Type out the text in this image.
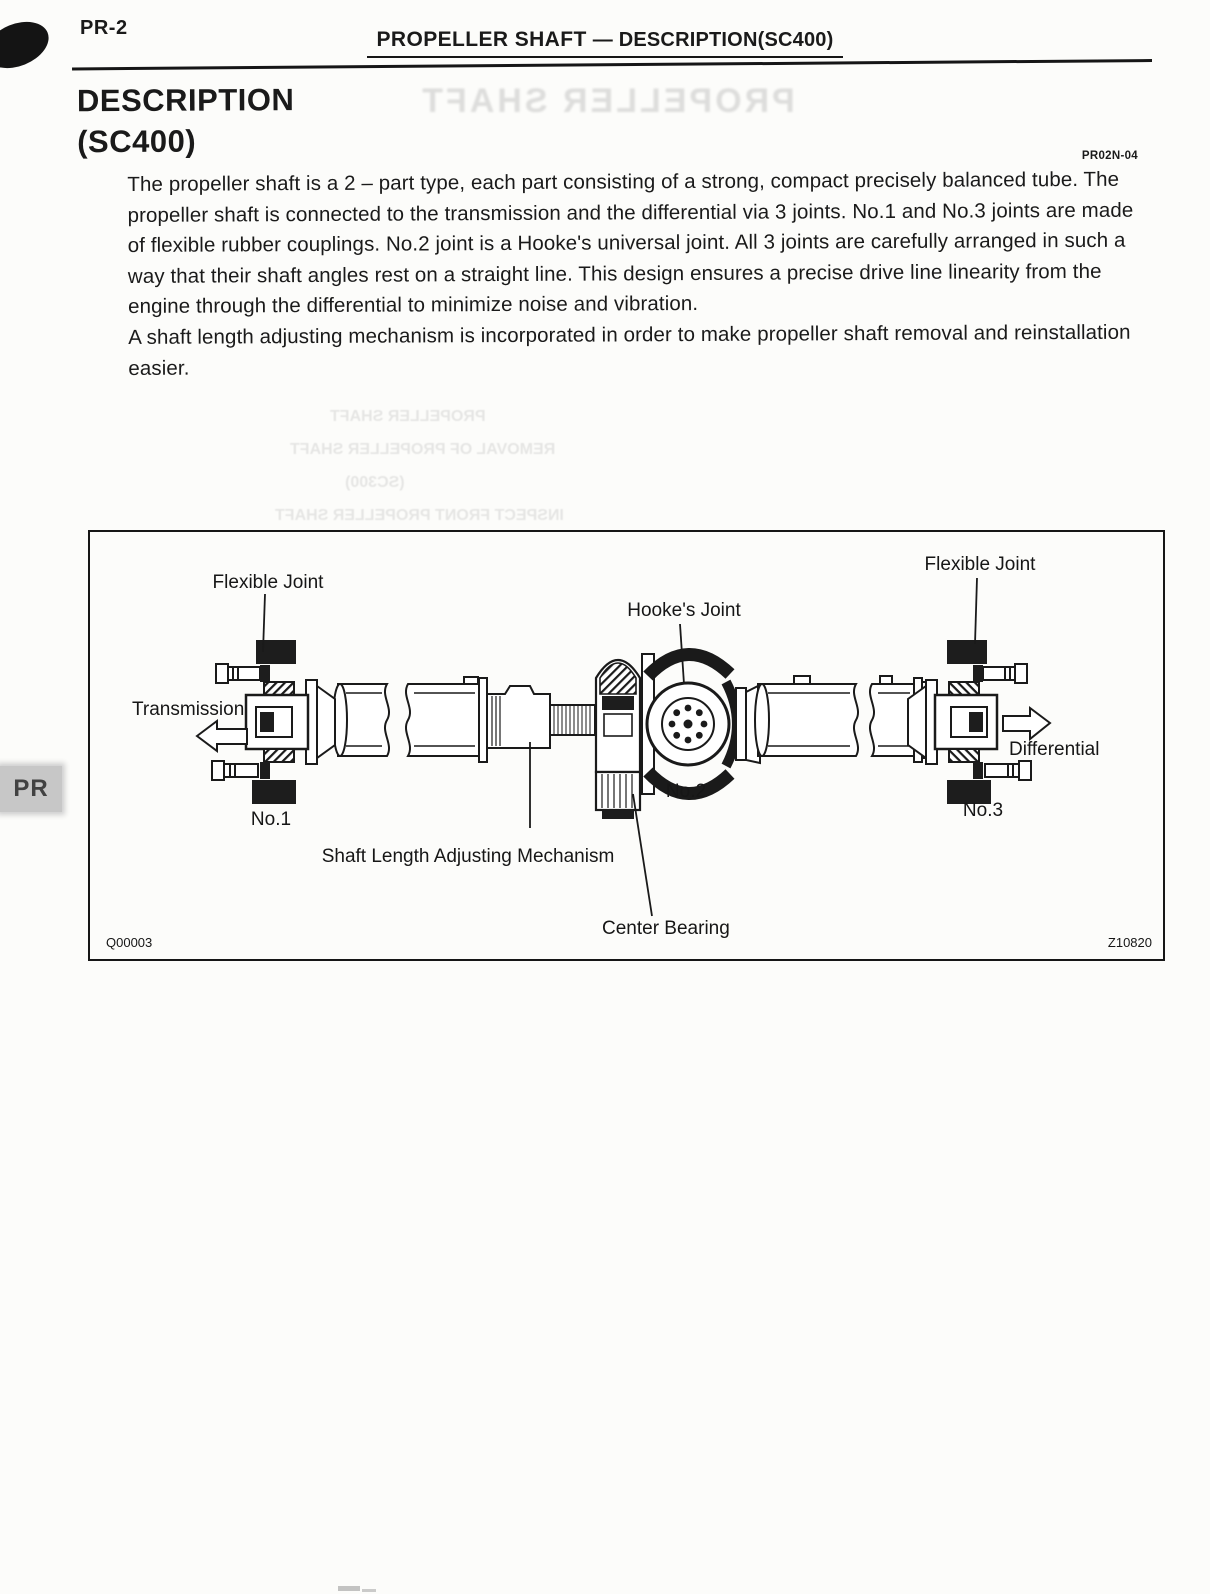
PROPELLER SHAFT
PROPELLER SHAFT
REMOVAL OF PROPELLER SHAFT
(SC300)
INSPECT FRONT PROPELLER SHAFT
PR-2	PROPELLER SHAFT — DESCRIPTION(SC400)
DESCRIPTION
(SC400)

The propeller shaft is a 2 – part type, each part consisting of a strong, compact precisely balanced tube. The propeller shaft is connected to the transmission and the differential via 3 joints. No.1 and No.3 joints are made of flexible rubber couplings. No.2 joint is a Hooke's universal joint. All 3 joints are carefully arranged in such a way that their shaft angles rest on a straight line. This design ensures a precise drive line linearity from the engine through the differential to minimize noise and vibration.

A shaft length adjusting mechanism is incorporated in order to make propeller shaft removal and reinstallation easier.

PR02N-04
Flexible Joint
Flexible Joint
Hooke's Joint
Transmission
Differential
No.1
No.2
No.3
Shaft Length Adjusting Mechanism
Center Bearing
Q00003	Z10820
PR
